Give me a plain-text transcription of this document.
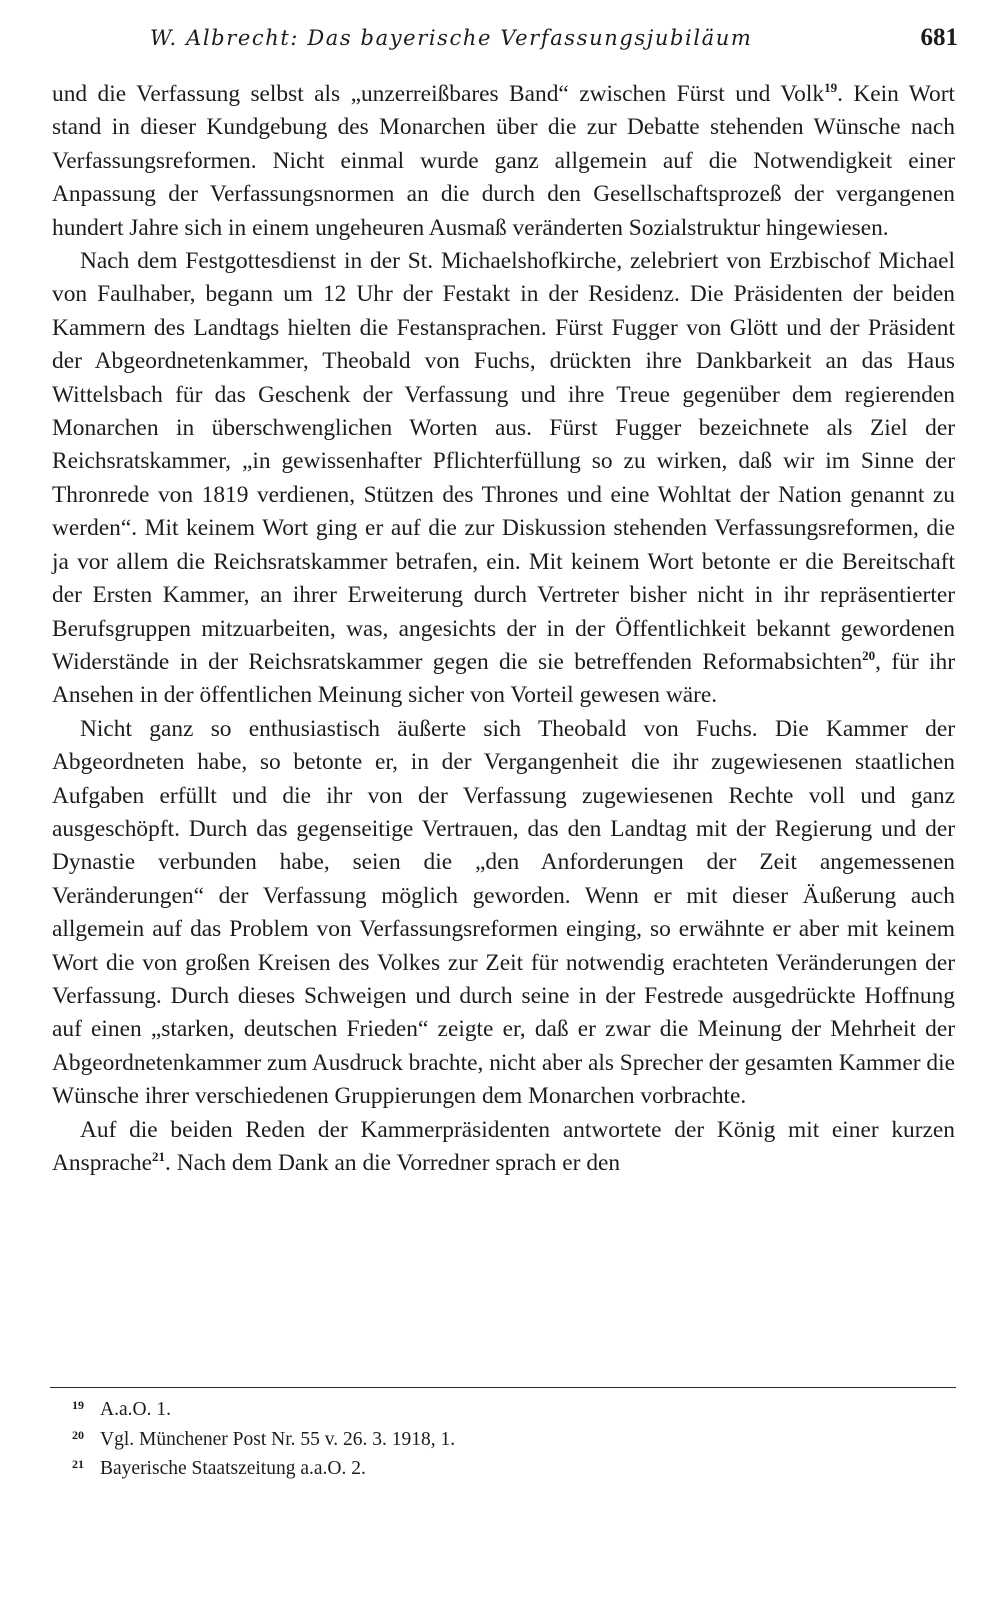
W. Albrecht: Das bayerische Verfassungsjubiläum	681

und die Verfassung selbst als „unzerreißbares Band“ zwischen Fürst und Volk$^{19}$. Kein Wort stand in dieser Kundgebung des Monarchen über die zur Debatte stehenden Wünsche nach Verfassungsreformen. Nicht einmal wurde ganz allgemein auf die Notwendigkeit einer Anpassung der Verfassungsnormen an die durch den Gesellschaftsprozeß der vergangenen hundert Jahre sich in einem ungeheuren Ausmaß veränderten Sozialstruktur hingewiesen.

Nach dem Festgottesdienst in der St. Michaelshofkirche, zelebriert von Erzbischof Michael von Faulhaber, begann um 12 Uhr der Festakt in der Residenz. Die Präsidenten der beiden Kammern des Landtags hielten die Festansprachen. Fürst Fugger von Glött und der Präsident der Abgeordnetenkammer, Theobald von Fuchs, drückten ihre Dankbarkeit an das Haus Wittelsbach für das Geschenk der Verfassung und ihre Treue gegenüber dem regierenden Monarchen in überschwenglichen Worten aus. Fürst Fugger bezeichnete als Ziel der Reichsratskammer, „in gewissenhafter Pflichterfüllung so zu wirken, daß wir im Sinne der Thronrede von 1819 verdienen, Stützen des Thrones und eine Wohltat der Nation genannt zu werden“. Mit keinem Wort ging er auf die zur Diskussion stehenden Verfassungsreformen, die ja vor allem die Reichsratskammer betrafen, ein. Mit keinem Wort betonte er die Bereitschaft der Ersten Kammer, an ihrer Erweiterung durch Vertreter bisher nicht in ihr repräsentierter Berufsgruppen mitzuarbeiten, was, angesichts der in der Öffentlichkeit bekannt gewordenen Widerstände in der Reichsratskammer gegen die sie betreffenden Reformabsichten$^{20}$, für ihr Ansehen in der öffentlichen Meinung sicher von Vorteil gewesen wäre.

Nicht ganz so enthusiastisch äußerte sich Theobald von Fuchs. Die Kammer der Abgeordneten habe, so betonte er, in der Vergangenheit die ihr zugewiesenen staatlichen Aufgaben erfüllt und die ihr von der Verfassung zugewiesenen Rechte voll und ganz ausgeschöpft. Durch das gegenseitige Vertrauen, das den Landtag mit der Regierung und der Dynastie verbunden habe, seien die „den Anforderungen der Zeit angemessenen Veränderungen“ der Verfassung möglich geworden. Wenn er mit dieser Äußerung auch allgemein auf das Problem von Verfassungsreformen einging, so erwähnte er aber mit keinem Wort die von großen Kreisen des Volkes zur Zeit für notwendig erachteten Veränderungen der Verfassung. Durch dieses Schweigen und durch seine in der Festrede ausgedrückte Hoffnung auf einen „starken, deutschen Frieden“ zeigte er, daß er zwar die Meinung der Mehrheit der Abgeordnetenkammer zum Ausdruck brachte, nicht aber als Sprecher der gesamten Kammer die Wünsche ihrer verschiedenen Gruppierungen dem Monarchen vorbrachte.

Auf die beiden Reden der Kammerpräsidenten antwortete der König mit einer kurzen Ansprache$^{21}$. Nach dem Dank an die Vorredner sprach er den

19 A.a.O. 1.
20 Vgl. Münchener Post Nr. 55 v. 26. 3. 1918, 1.
21 Bayerische Staatszeitung a.a.O. 2.
